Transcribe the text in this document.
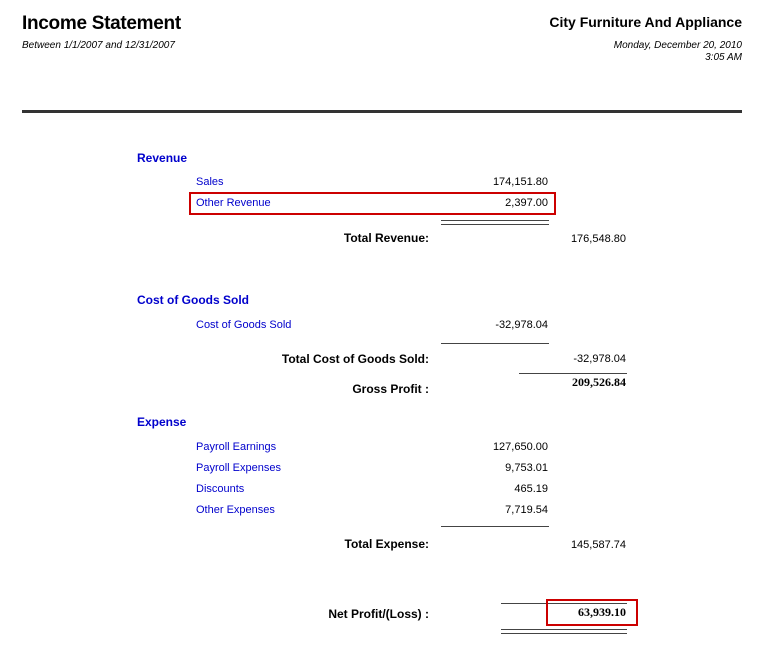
Income Statement
Between 1/1/2007 and 12/31/2007
City Furniture And Appliance
Monday, December 20, 2010
3:05 AM
Revenue
Sales	174,151.80
Other Revenue	2,397.00
Total Revenue:	176,548.80
Cost of Goods Sold
Cost of Goods Sold	-32,978.04
Total Cost of Goods Sold:	-32,978.04
Gross Profit :	209,526.84
Expense
Payroll Earnings	127,650.00
Payroll Expenses	9,753.01
Discounts	465.19
Other Expenses	7,719.54
Total Expense:	145,587.74
Net Profit/(Loss) :	63,939.10
